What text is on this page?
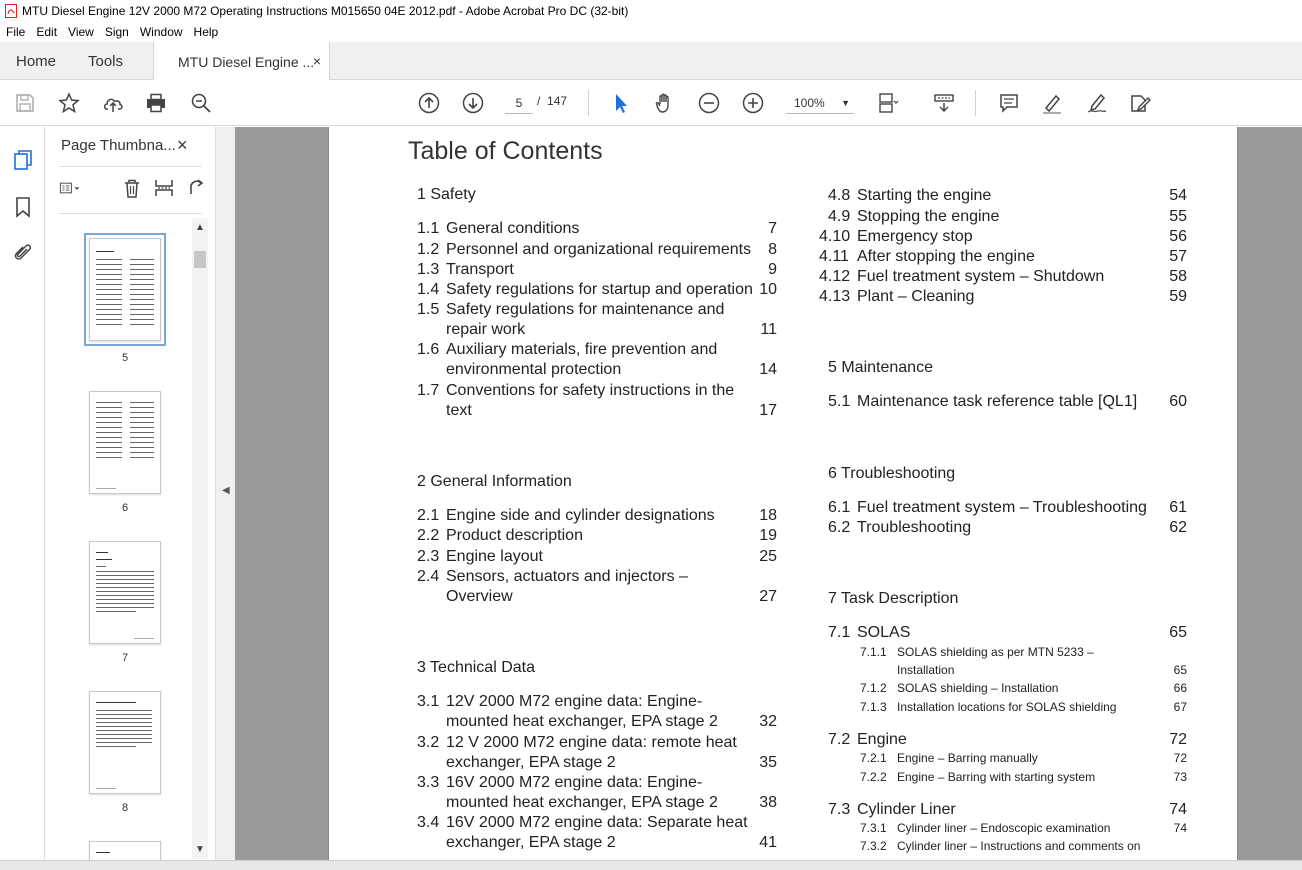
MTU Diesel Engine 12V 2000 M72 Operating Instructions M015650 04E 2012.pdf - Adobe Acrobat Pro DC (32-bit)
File Edit View Sign Window Help
Home Tools	MTU Diesel Engine ...
×
5	/ 147	100% ▼
Page Thumbna... ×
5
6
7
8
▲
▼
◀
Table of Contents
1 Safety
1.1 General conditions	7
1.2 Personnel and organizational requirements	8
1.3 Transport	9
1.4 Safety regulations for startup and operation 10
1.5 Safety regulations for maintenance and
repair work	11
1.6 Auxiliary materials, fire prevention and
environmental protection	14
1.7 Conventions for safety instructions in the
text	17
2 General Information
2.1 Engine side and cylinder designations	18
2.2 Product description	19
2.3 Engine layout	25
2.4 Sensors, actuators and injectors –
Overview	27
3 Technical Data
3.1 12V 2000 M72 engine data: Engine-
mounted heat exchanger, EPA stage 2	32
3.2 12 V 2000 M72 engine data: remote heat
exchanger, EPA stage 2	35
3.3 16V 2000 M72 engine data: Engine-
mounted heat exchanger, EPA stage 2	38
3.4 16V 2000 M72 engine data: Separate heat
exchanger, EPA stage 2	41
4.8 Starting the engine	54
4.9 Stopping the engine	55
4.10 Emergency stop	56
4.11 After stopping the engine	57
4.12 Fuel treatment system – Shutdown	58
4.13 Plant – Cleaning	59
5 Maintenance
5.1 Maintenance task reference table [QL1]	60
6 Troubleshooting
6.1 Fuel treatment system – Troubleshooting	61
6.2 Troubleshooting	62
7 Task Description
7.1 SOLAS	65
7.1.1 SOLAS shielding as per MTN 5233 –
Installation	65
7.1.2 SOLAS shielding – Installation	66
7.1.3 Installation locations for SOLAS shielding	67
7.2 Engine	72
7.2.1 Engine – Barring manually	72
7.2.2 Engine – Barring with starting system	73
7.3 Cylinder Liner	74
7.3.1 Cylinder liner – Endoscopic examination	74
7.3.2 Cylinder liner – Instructions and comments on
